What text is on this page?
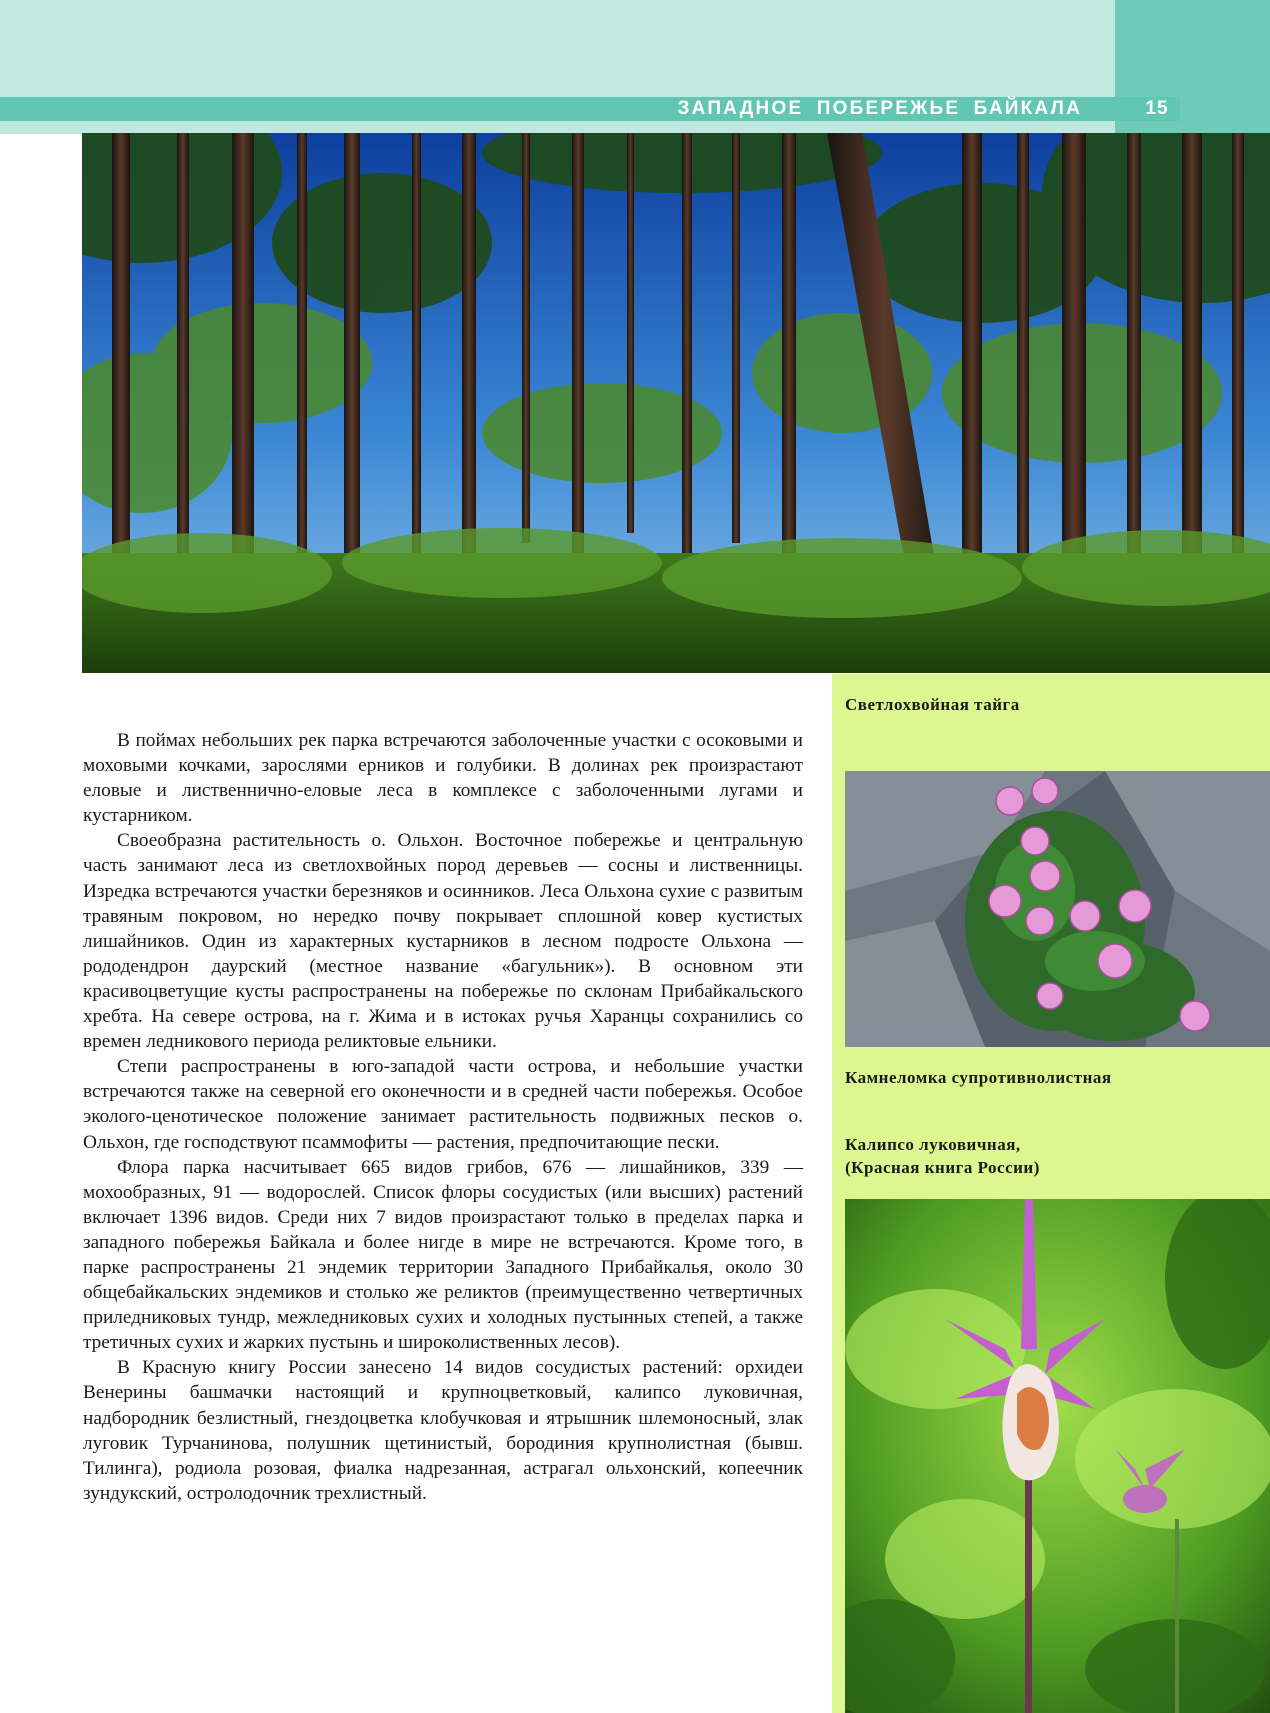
ЗАПАДНОЕ ПОБЕРЕЖЬЕ БАЙКАЛА	15
Светлохвойная тайга
Камнеломка супротивнолистная
Калипсо луковичная,
(Красная книга России)

В поймах небольших рек парка встречаются заболоченные участки с осоковыми и моховыми кочками, зарослями ерников и голубики. В долинах рек произрастают еловые и лиственнично-еловые леса в комплексе с заболоченными лугами и кустарником.

Своеобразна растительность о. Ольхон. Восточное побережье и центральную часть занимают леса из светлохвойных пород деревьев — сосны и лиственницы. Изредка встречаются участки березняков и осинников. Леса Ольхона сухие с развитым травяным покровом, но нередко почву покрывает сплошной ковер кустистых лишайников. Один из характерных кустарников в лесном подросте Ольхона — рододендрон даурский (местное название «багульник»). В основном эти красивоцветущие кусты распространены на побережье по склонам Прибайкальского хребта. На севере острова, на г. Жима и в истоках ручья Харанцы сохранились со времен ледникового периода реликтовые ельники.

Степи распространены в юго-западой части острова, и небольшие участки встречаются также на северной его оконечности и в средней части побережья. Особое эколого-ценотическое положение занимает растительность подвижных песков о. Ольхон, где господствуют псаммофиты — растения, предпочитающие пески.

Флора парка насчитывает 665 видов грибов, 676 — лишайников, 339 — мохообразных, 91 — водорослей. Список флоры сосудистых (или высших) растений включает 1396 видов. Среди них 7 видов произрастают только в пределах парка и западного побережья Байкала и более нигде в мире не встречаются. Кроме того, в парке распространены 21 эндемик территории Западного Прибайкалья, около 30 общебайкальских эндемиков и столько же реликтов (преимущественно четвертичных приледниковых тундр, межледниковых сухих и холодных пустынных степей, а также третичных сухих и жарких пустынь и широколиственных лесов).

В Красную книгу России занесено 14 видов сосудистых растений: орхидеи Венерины башмачки настоящий и крупноцветковый, калипсо луковичная, надбородник безлистный, гнездоцветка клобучковая и ятрышник шлемоносный, злак луговик Турчанинова, полушник щетинистый, бородиния крупнолистная (бывш. Тилинга), родиола розовая, фиалка надрезанная, астрагал ольхонский, копеечник зундукский, остролодочник трехлистный.
